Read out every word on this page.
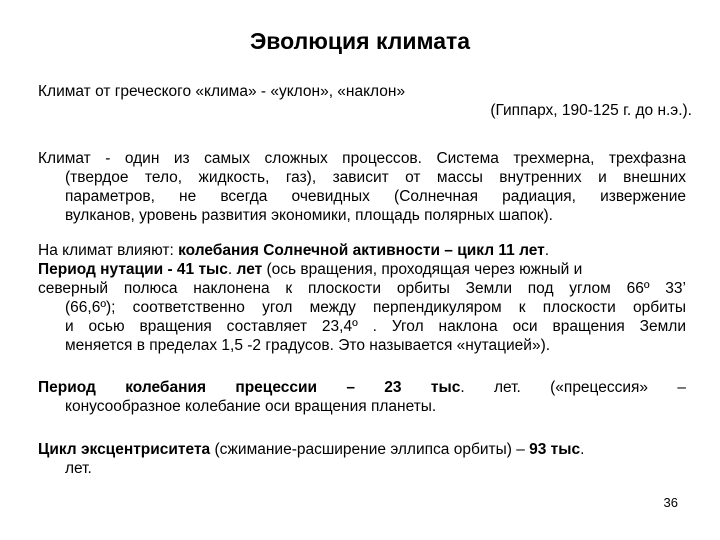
Эволюция климата
Климат от греческого «клима» - «уклон», «наклон»
(Гиппарх, 190-125 г. до н.э.).
Климат - один из самых сложных процессов. Система трехмерна, трехфазна
(твердое тело, жидкость, газ), зависит от массы внутренних и внешних
параметров, не всегда очевидных (Солнечная радиация, извержение
вулканов, уровень развития экономики, площадь полярных шапок).
На климат влияют: колебания Солнечной активности – цикл 11 лет.
Период нутации - 41 тыс. лет (ось вращения, проходящая через южный и
северный полюса наклонена к плоскости орбиты Земли под углом 66º 33’
(66,6º); соответственно угол между перпендикуляром к плоскости орбиты
и осью вращения составляет 23,4º . Угол наклона оси вращения Земли
меняется в пределах 1,5 -2 градусов. Это называется «нутацией»).
Период колебания прецессии – 23 тыс. лет. («прецессия» –
конусообразное колебание оси вращения планеты.
Цикл эксцентриситета (сжимание-расширение эллипса орбиты) – 93 тыс.
лет.
36
